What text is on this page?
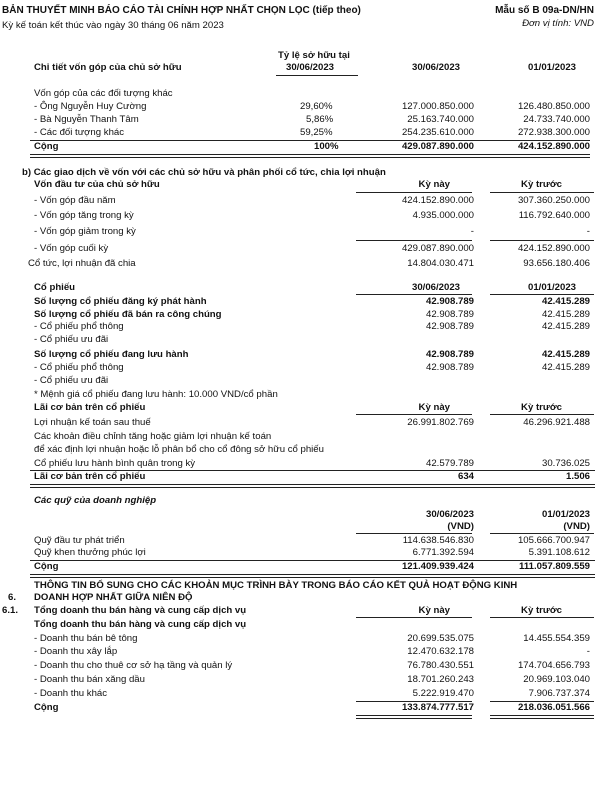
BẢN THUYẾT MINH BÁO CÁO TÀI CHÍNH HỢP NHẤT CHỌN LỌC (tiếp theo)
Kỳ kế toán kết thúc vào ngày 30 tháng 06 năm 2023
Mẫu số B 09a-DN/HN
Đơn vị tính: VND
Tỷ lệ sở hữu tại
Chi tiết vốn góp của chủ sở hữu	30/06/2023	30/06/2023	01/01/2023
Vốn góp của các đối tượng khác
- Ông Nguyễn Huy Cường	29,60%	127.000.850.000	126.480.850.000
- Bà Nguyễn Thanh Tâm	5,86%	25.163.740.000	24.733.740.000
- Các đối tượng khác	59,25%	254.235.610.000	272.938.300.000
Cộng	100%	429.087.890.000	424.152.890.000
b) Các giao dịch về vốn với các chủ sở hữu và phân phối cổ tức, chia lợi nhuận
Vốn đầu tư của chủ sở hữu	Kỳ này	Kỳ trước
- Vốn góp đầu năm	424.152.890.000	307.360.250.000
- Vốn góp tăng trong kỳ	4.935.000.000	116.792.640.000
- Vốn góp giảm trong kỳ	-	-
- Vốn góp cuối kỳ	429.087.890.000	424.152.890.000
Cổ tức, lợi nhuận đã chia	14.804.030.471	93.656.180.406
Cổ phiếu	30/06/2023	01/01/2023
Số lượng cổ phiếu đăng ký phát hành	42.908.789	42.415.289
Số lượng cổ phiếu đã bán ra công chúng	42.908.789	42.415.289
- Cổ phiếu phổ thông	42.908.789	42.415.289
- Cổ phiếu ưu đãi
Số lượng cổ phiếu đang lưu hành	42.908.789	42.415.289
- Cổ phiếu phổ thông	42.908.789	42.415.289
- Cổ phiếu ưu đãi
* Mệnh giá cổ phiếu đang lưu hành: 10.000 VND/cổ phần
Lãi cơ bản trên cổ phiếu	Kỳ này	Kỳ trước
Lợi nhuận kế toán sau thuế	26.991.802.769	46.296.921.488
Các khoản điều chỉnh tăng hoặc giảm lợi nhuận kế toán
để xác định lợi nhuận hoặc lỗ phân bổ cho cổ đông sở hữu cổ phiếu
Cổ phiếu lưu hành bình quân trong kỳ	42.579.789	30.736.025
Lãi cơ bản trên cổ phiếu	634	1.506
Các quỹ của doanh nghiệp
30/06/2023	01/01/2023
(VND)	(VND)
Quỹ đầu tư phát triển	114.638.546.830	105.666.700.947
Quỹ khen thưởng phúc lợi	6.771.392.594	5.391.108.612
Cộng	121.409.939.424	111.057.809.559
THÔNG TIN BỔ SUNG CHO CÁC KHOẢN MỤC TRÌNH BÀY TRONG BÁO CÁO KẾT QUẢ HOẠT ĐỘNG KINH
6. DOANH HỢP NHẤT GIỮA NIÊN ĐỘ
6.1. Tổng doanh thu bán hàng và cung cấp dịch vụ	Kỳ này	Kỳ trước
Tổng doanh thu bán hàng và cung cấp dịch vụ
- Doanh thu bán bê tông	20.699.535.075	14.455.554.359
- Doanh thu xây lắp	12.470.632.178	-
- Doanh thu cho thuê cơ sở hạ tầng và quản lý	76.780.430.551	174.704.656.793
- Doanh thu bán xăng dầu	18.701.260.243	20.969.103.040
- Doanh thu khác	5.222.919.470	7.906.737.374
Cộng	133.874.777.517	218.036.051.566
